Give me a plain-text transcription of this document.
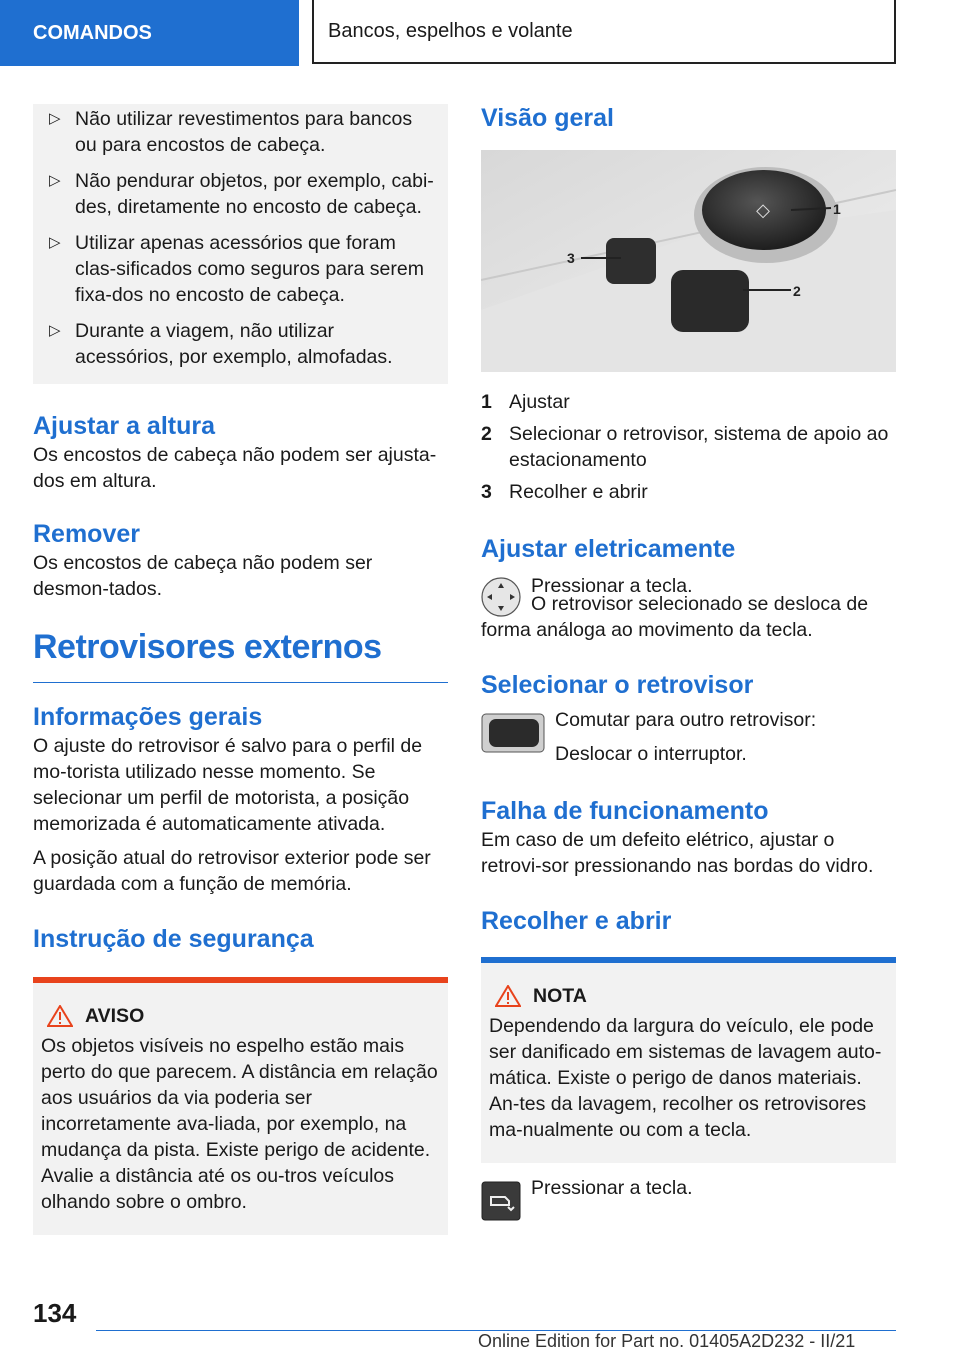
COMANDOS	Bancos, espelhos e volante
▷ Não utilizar revestimentos para bancos ou para encostos de cabeça.
▷ Não pendurar objetos, por exemplo, cabi-des, diretamente no encosto de cabeça.
▷ Utilizar apenas acessórios que foram clas-sificados como seguros para serem fixa-dos no encosto de cabeça.
▷ Durante a viagem, não utilizar acessórios, por exemplo, almofadas.
Ajustar a altura

Os encostos de cabeça não podem ser ajusta-dos em altura.

Remover

Os encostos de cabeça não podem ser desmon-tados.

Retrovisores externos
Informações gerais

O ajuste do retrovisor é salvo para o perfil de mo-torista utilizado nesse momento. Se selecionar um perfil de motorista, a posição memorizada é automaticamente ativada.

A posição atual do retrovisor exterior pode ser guardada com a função de memória.

Instrução de segurança
AVISO

Os objetos visíveis no espelho estão mais perto do que parecem. A distância em relação aos usuários da via poderia ser incorretamente ava-liada, por exemplo, na mudança da pista. Existe perigo de acidente. Avalie a distância até os ou-tros veículos olhando sobre o ombro.

Visão geral
◇	1
2
3
1 Ajustar
2 Selecionar o retrovisor, sistema de apoio ao estacionamento
3 Recolher e abrir
Ajustar eletricamente

Pressionar a tecla.

O retrovisor selecionado se desloca de forma análoga ao movimento da tecla.

Selecionar o retrovisor

Comutar para outro retrovisor:

Deslocar o interruptor.

Falha de funcionamento

Em caso de um defeito elétrico, ajustar o retrovi-sor pressionando nas bordas do vidro.

Recolher e abrir
NOTA

Dependendo da largura do veículo, ele pode ser danificado em sistemas de lavagem auto-mática. Existe o perigo de danos materiais. An-tes da lavagem, recolher os retrovisores ma-nualmente ou com a tecla.

Pressionar a tecla.

134
Online Edition for Part no. 01405A2D232 - II/21
